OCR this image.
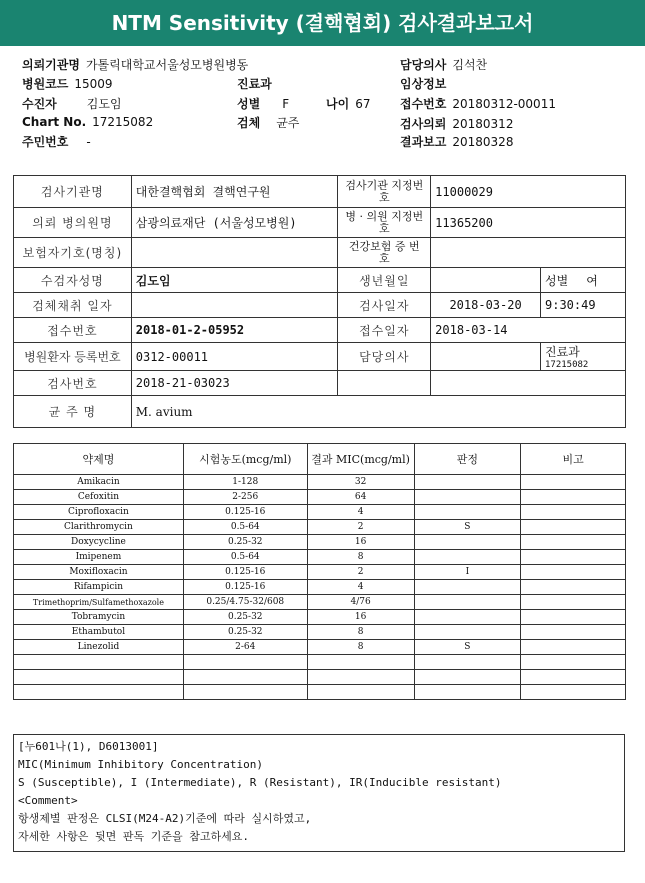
NTM Sensitivity (결핵협회) 검사결과보고서
의뢰기관명 가톨릭대학교서울성모병원병동
병원코드 15009
수진자	김도임
Chart No. 17215082
주민번호 -
진료과
성별 F	나이 67
검체 균주
담당의사 김석찬
임상정보
접수번호 20180312-00011
검사의뢰 20180312
결과보고 20180328
검사기관명	대한결핵협회 결핵연구원	검사기관 지정번호	11000029	
의뢰 병의원명	삼광의료재단 (서울성모병원)	병 · 의원 지정번호	11365200	
보험자기호(명칭)		건강보험 증 번 호		
수검자성명	김도임	생년월일		성별 여
검체채취 일자		검사일자	2018-03-20	9:30:49
접수번호	2018-01-2-05952	접수일자	2018-03-14	
병원환자 등록번호	0312-00011	담당의사		진료과 17215082
검사번호	2018-21-03023			
균 주 명	M. avium			
약제명	시험농도(mcg/ml)	결과 MIC(mcg/ml)	판정	비고
Amikacin	1-128	32		
Cefoxitin	2-256	64		
Ciprofloxacin	0.125-16	4		
Clarithromycin	0.5-64	2	S	
Doxycycline	0.25-32	16		
Imipenem	0.5-64	8		
Moxifloxacin	0.125-16	2	I	
Rifampicin	0.125-16	4		
Trimethoprim/Sulfamethoxazole	0.25/4.75-32/608	4/76		
Tobramycin	0.25-32	16		
Ethambutol	0.25-32	8		
Linezolid	2-64	8	S	

[누601나(1), D6013001]
MIC(Minimum Inhibitory Concentration)
S (Susceptible), I (Intermediate), R (Resistant), IR(Inducible resistant)
<Comment>
항생제별 판정은 CLSI(M24-A2)기준에 따라 실시하였고,
자세한 사항은 뒷면 판독 기준을 참고하세요.
